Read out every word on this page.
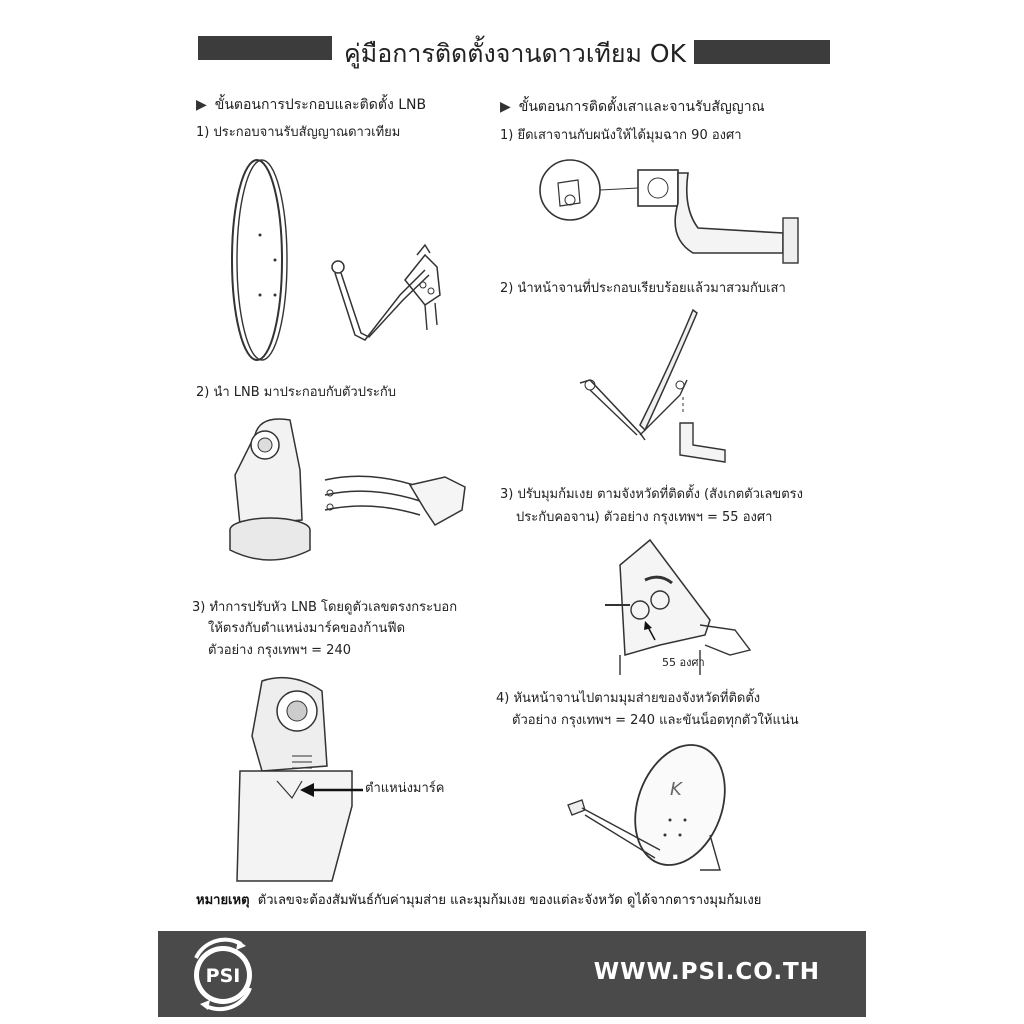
คู่มือการติดตั้งจานดาวเทียม OK
▶ ขั้นตอนการประกอบและติดตั้ง LNB
1) ประกอบจานรับสัญญาณดาวเทียม
2) นำ LNB มาประกอบกับตัวประกับ
3) ทำการปรับหัว LNB โดยดูตัวเลขตรงกระบอก
ให้ตรงกับตำแหน่งมาร์คของก้านฟีด
ตัวอย่าง กรุงเทพฯ = 240
ตำแหน่งมาร์ค
▶ ขั้นตอนการติดตั้งเสาและจานรับสัญญาณ
1) ยึดเสาจานกับผนังให้ได้มุมฉาก 90 องศา
2) นำหน้าจานที่ประกอบเรียบร้อยแล้วมาสวมกับเสา
3) ปรับมุมก้มเงย ตามจังหวัดที่ติดตั้ง (สังเกตตัวเลขตรง
ประกับคอจาน) ตัวอย่าง กรุงเทพฯ = 55 องศา
55 องศา
4) หันหน้าจานไปตามมุมส่ายของจังหวัดที่ติดตั้ง
ตัวอย่าง กรุงเทพฯ = 240 และขันน็อตทุกตัวให้แน่น
K
หมายเหตุ ตัวเลขจะต้องสัมพันธ์กับค่ามุมส่าย และมุมก้มเงย ของแต่ละจังหวัด ดูได้จากตารางมุมก้มเงย
PSI	WWW.PSI.CO.TH
